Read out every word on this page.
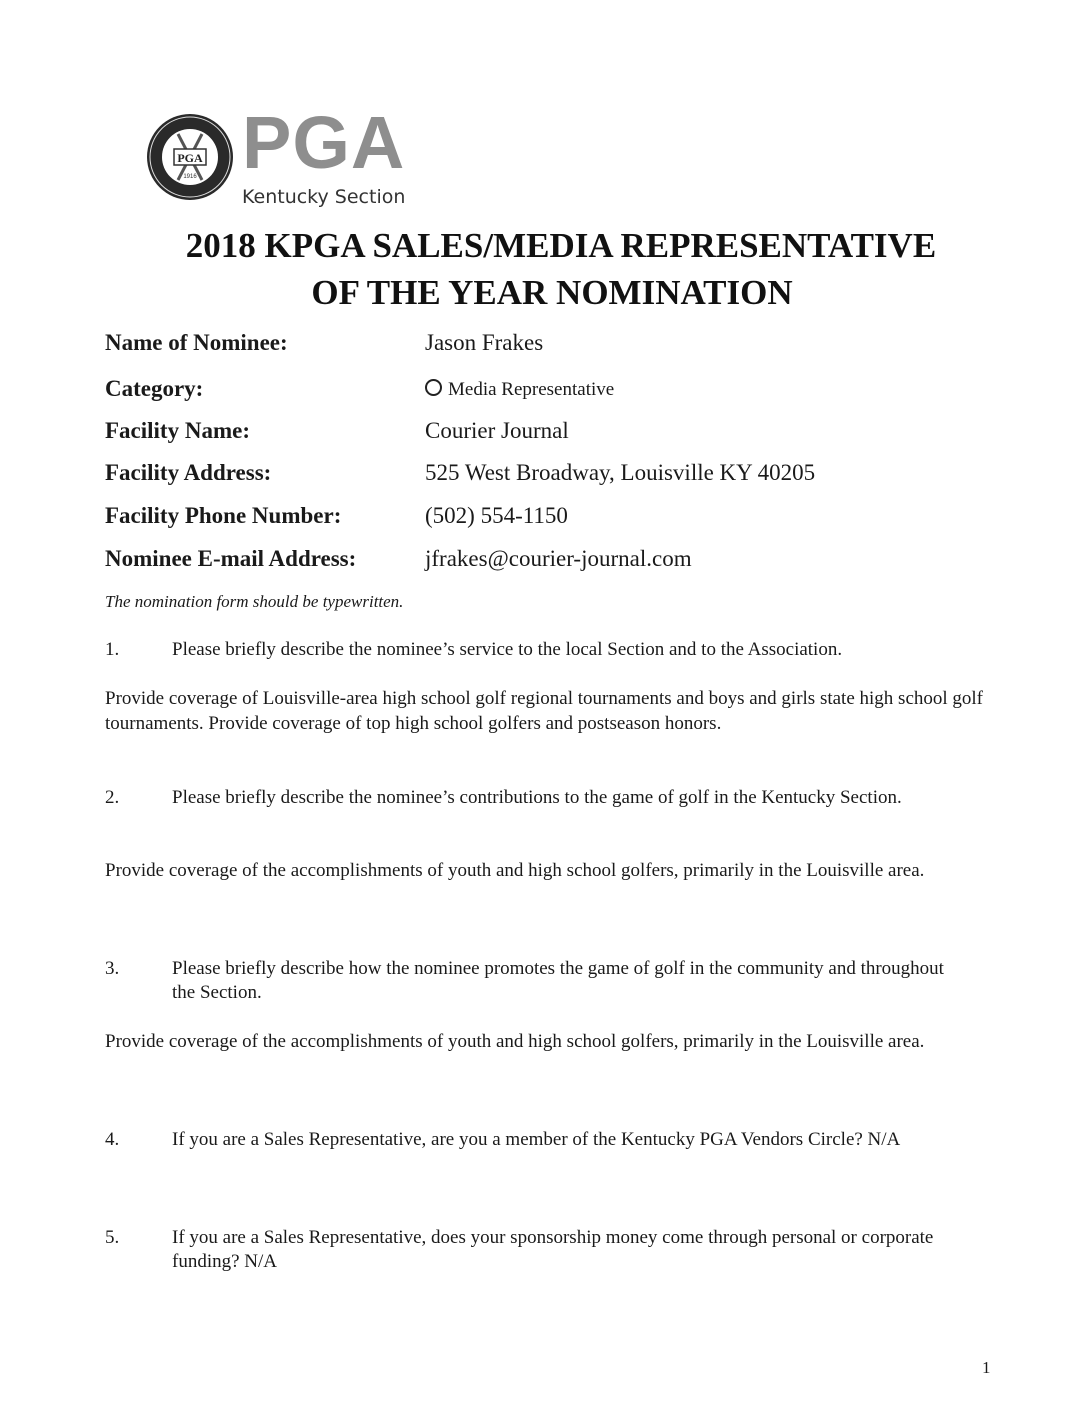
PGA
1916 PGA
Kentucky Section
2018 KPGA SALES/MEDIA REPRESENTATIVE
OF THE YEAR NOMINATION
Name of Nominee:	Jason Frakes
Category:	Media Representative
Facility Name:	Courier Journal
Facility Address:	525 West Broadway, Louisville KY 40205
Facility Phone Number:	(502) 554-1150
Nominee E-mail Address:	jfrakes@courier-journal.com
The nomination form should be typewritten.
1.	Please briefly describe the nominee’s service to the local Section and to the Association.
Provide coverage of Louisville-area high school golf regional tournaments and boys and girls state high school golf tournaments. Provide coverage of top high school golfers and postseason honors.
2.	Please briefly describe the nominee’s contributions to the game of golf in the Kentucky Section.
Provide coverage of the accomplishments of youth and high school golfers, primarily in the Louisville area.
3.	Please briefly describe how the nominee promotes the game of golf in the community and throughout the Section.
Provide coverage of the accomplishments of youth and high school golfers, primarily in the Louisville area.
4.	If you are a Sales Representative, are you a member of the Kentucky PGA Vendors Circle? N/A
5.	If you are a Sales Representative, does your sponsorship money come through personal or corporate funding? N/A
1
